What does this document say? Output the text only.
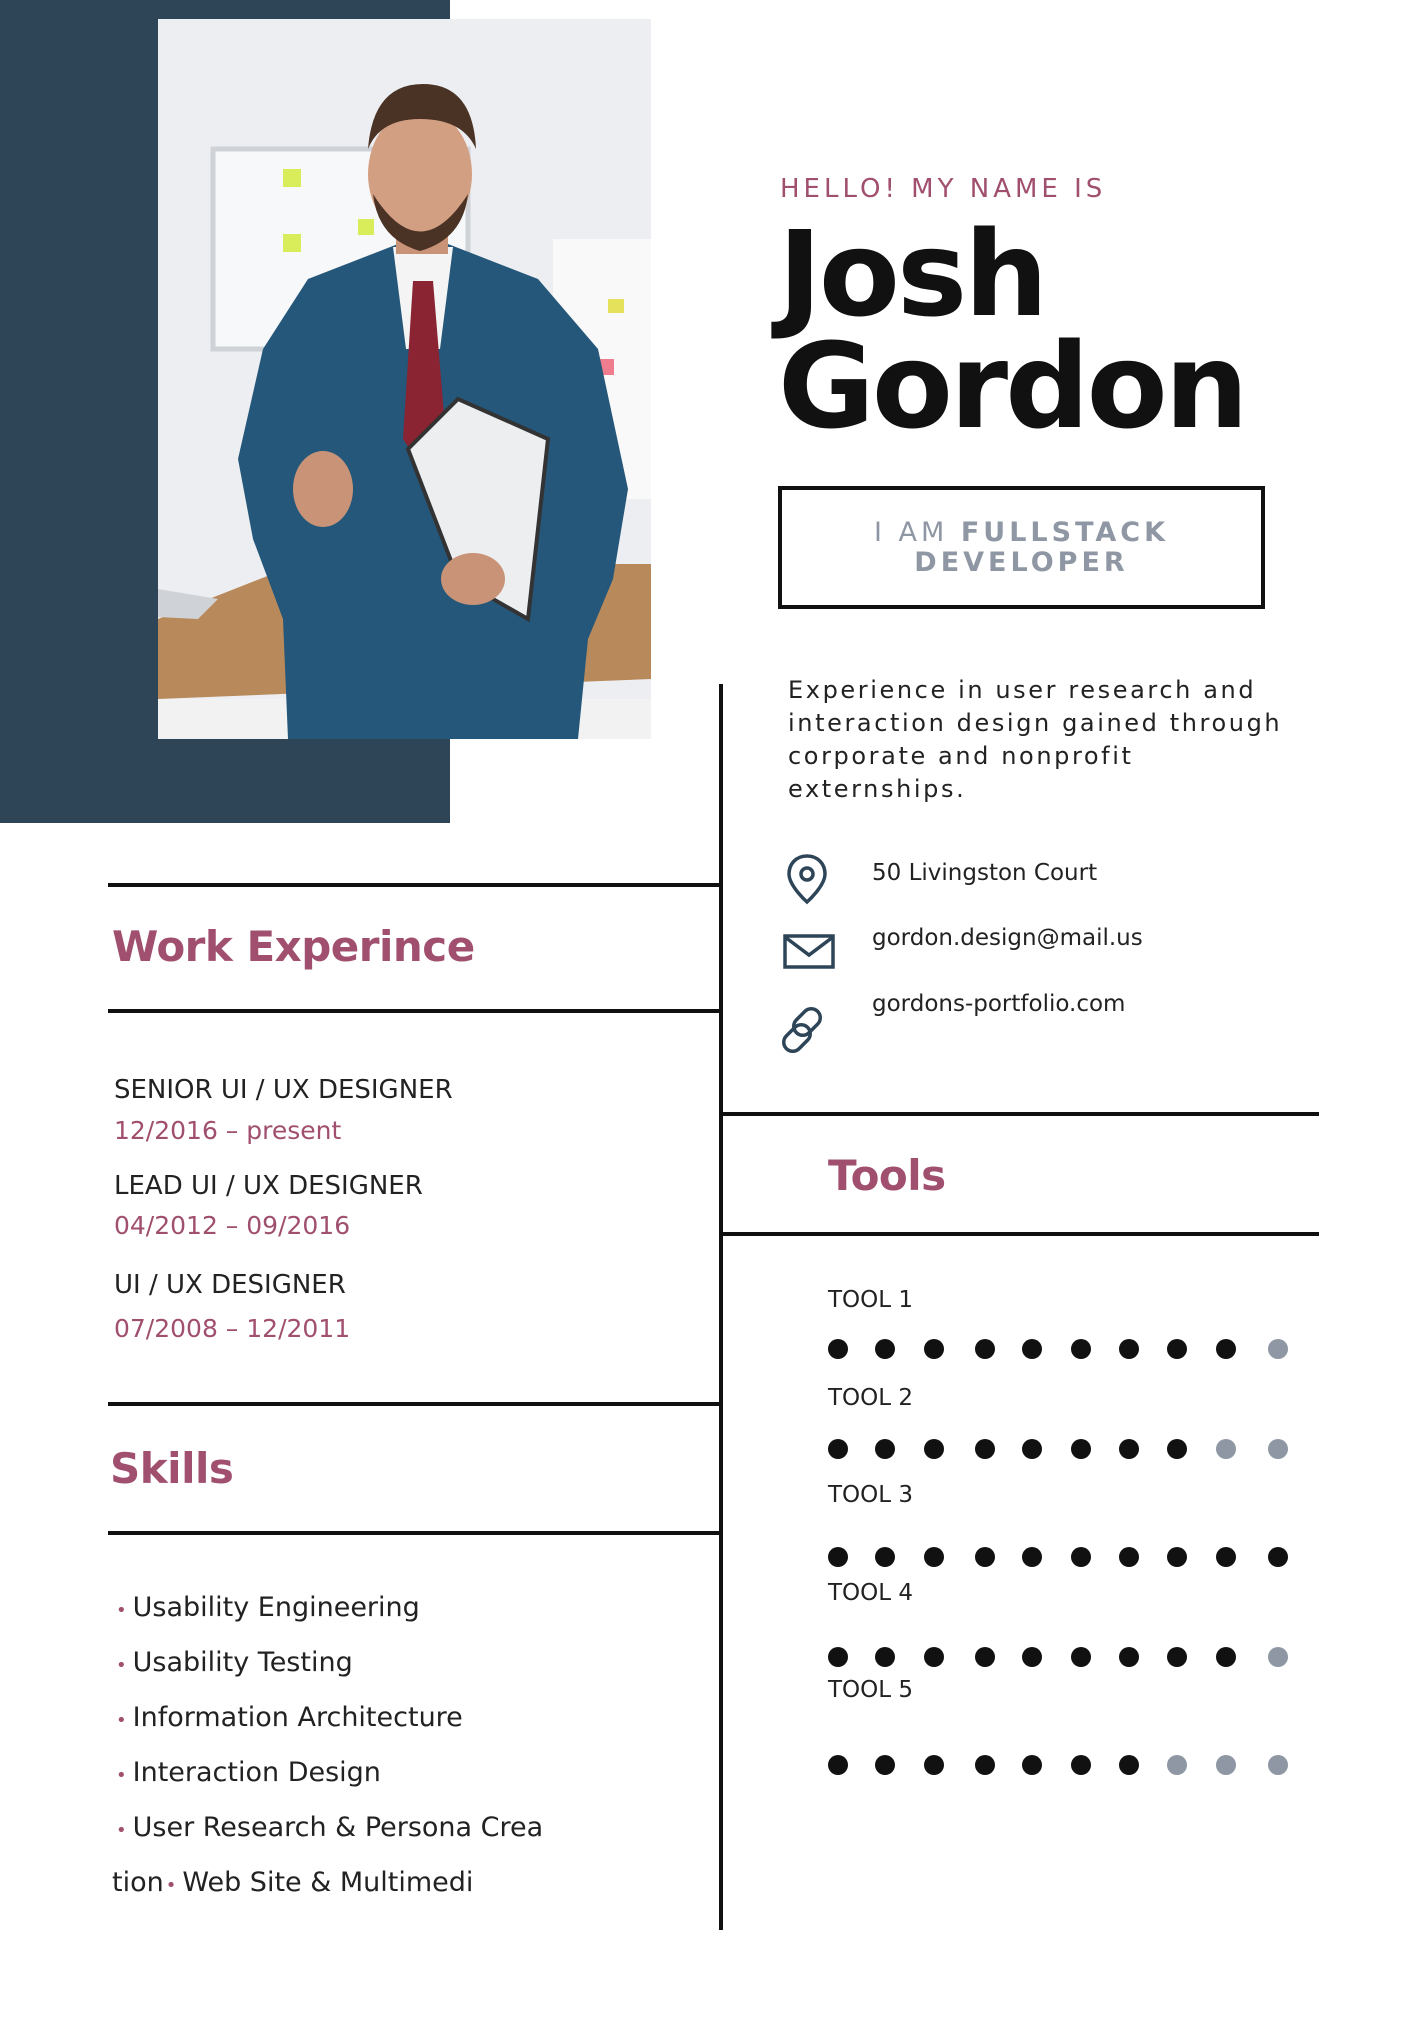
HELLO! MY NAME IS
Josh
Gordon
I AM FULLSTACK
DEVELOPER
Experience in user research and interaction design gained through corporate and nonprofit externships.
50 Livingston Court
gordon.design@mail.us
gordons-portfolio.com
Work Experince
SENIOR UI / UX DESIGNER
12/2016 – present
LEAD UI / UX DESIGNER
04/2012 – 09/2016
UI / UX DESIGNER
07/2008 – 12/2011
Skills
• Usability Engineering
• Usability Testing
• Information Architecture
• Interaction Design
• User Research & Persona Crea
tion • Web Site & Multimedi
Tools
TOOL 1
TOOL 2
TOOL 3
TOOL 4
TOOL 5
